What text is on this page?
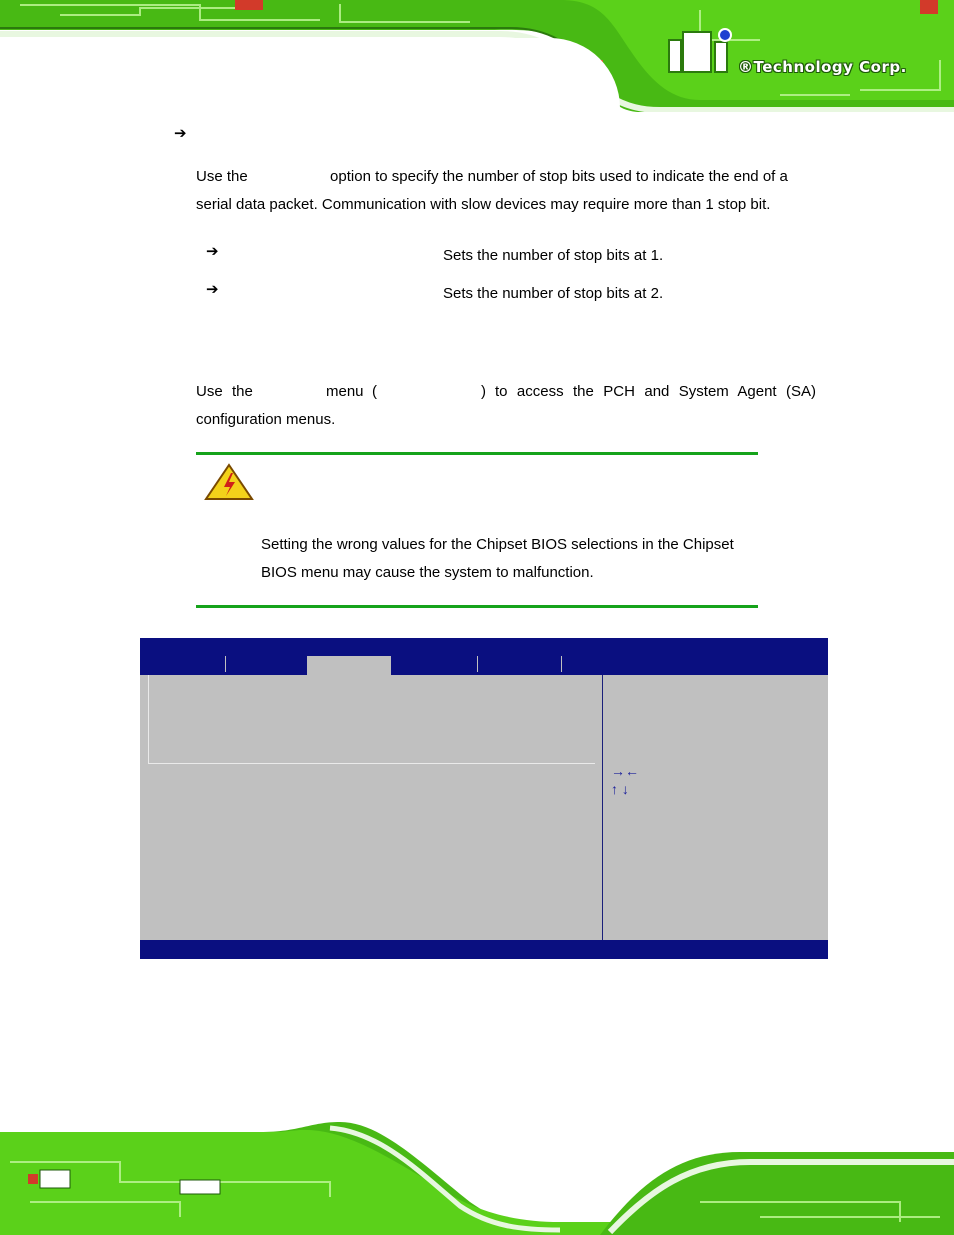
®Technology Corp.
➔
Use the	option to specify the number of stop bits used to indicate the end of a
serial data packet. Communication with slow devices may require more than 1 stop bit.
➔	Sets the number of stop bits at 1.
➔	Sets the number of stop bits at 2.
Use the	menu (	) to access the PCH and System Agent (SA)
configuration menus.
Setting the wrong values for the Chipset BIOS selections in the Chipset
BIOS menu may cause the system to malfunction.
→←
↑ ↓
